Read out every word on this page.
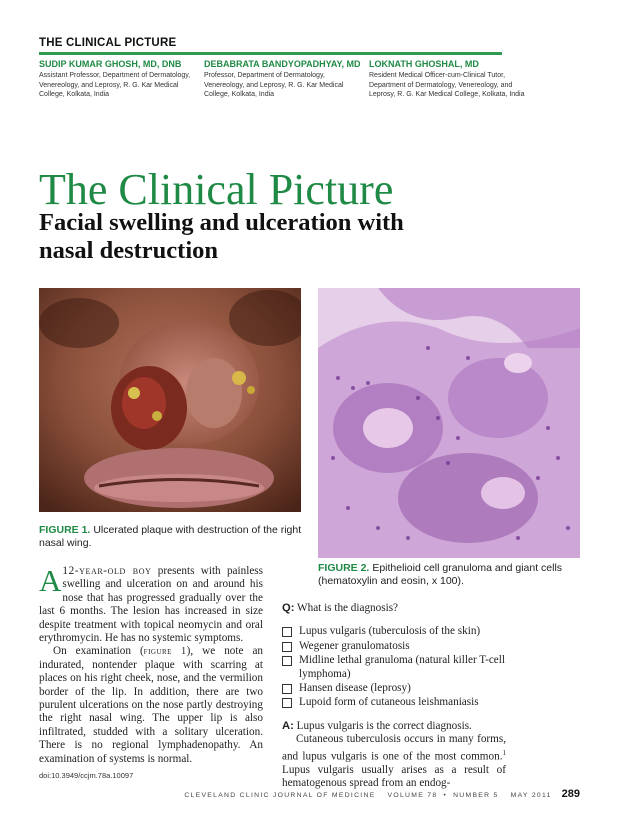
THE CLINICAL PICTURE
SUDIP KUMAR GHOSH, MD, DNB
Assistant Professor, Department of Dermatology, Venereology, and Leprosy, R. G. Kar Medical College, Kolkata, India
DEBABRATA BANDYOPADHYAY, MD
Professor, Department of Dermatology, Venereology, and Leprosy, R. G. Kar Medical College, Kolkata, India
LOKNATH GHOSHAL, MD
Resident Medical Officer-cum-Clinical Tutor, Department of Dermatology, Venereology, and Leprosy, R. G. Kar Medical College, Kolkata, India
The Clinical Picture
Facial swelling and ulceration with nasal destruction
FIGURE 1. Ulcerated plaque with destruction of the right nasal wing.
FIGURE 2. Epithelioid cell granuloma and giant cells (hematoxylin and eosin, x 100).

A 12-year-old boy presents with painless swelling and ulceration on and around his nose that has progressed gradually over the last 6 months. The lesion has increased in size despite treatment with topical neomycin and oral erythromycin. He has no systemic symptoms.

On examination (figure 1), we note an indurated, nontender plaque with scarring at places on his right cheek, nose, and the vermilion border of the lip. In addition, there are two purulent ulcerations on the nose partly destroying the right nasal wing. The upper lip is also infiltrated, studded with a solitary ulceration. There is no regional lymphadenopathy. An examination of systems is normal.

Q: What is the diagnosis?
Lupus vulgaris (tuberculosis of the skin)
Wegener granulomatosis
Midline lethal granuloma (natural killer T-cell lymphoma)
Hansen disease (leprosy)
Lupoid form of cutaneous leishmaniasis
A: Lupus vulgaris is the correct diagnosis.
Cutaneous tuberculosis occurs in many forms, and lupus vulgaris is one of the most common.$^1$ Lupus vulgaris usually arises as a result of hematogenous spread from an endog-
doi:10.3949/ccjm.78a.10097
CLEVELAND CLINIC JOURNAL OF MEDICINE VOLUME 78 • NUMBER 5 MAY 2011 289
